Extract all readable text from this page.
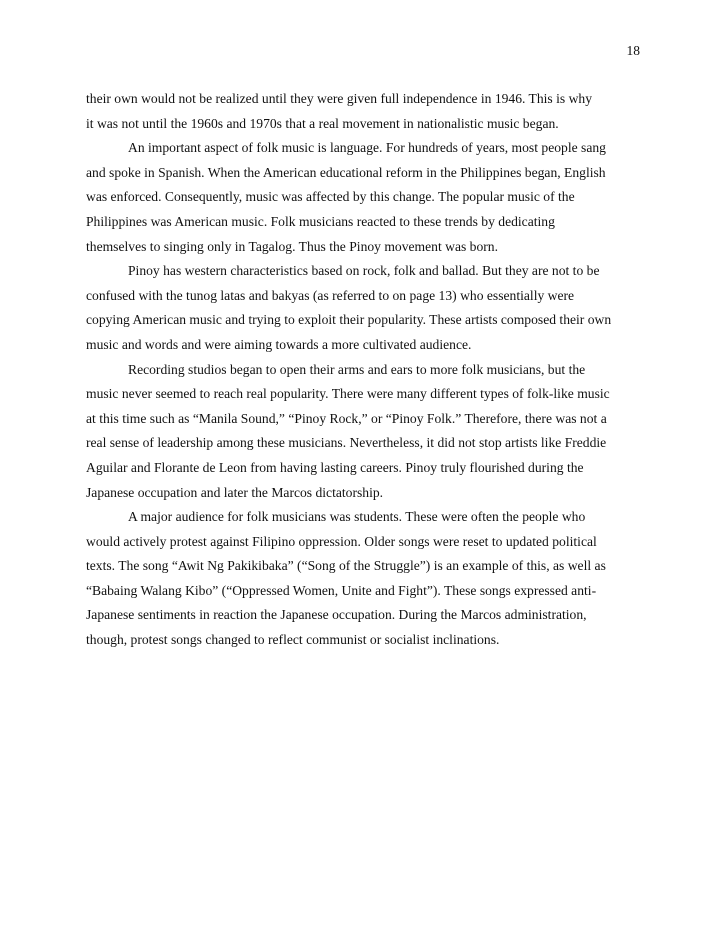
18
their own would not be realized until they were given full independence in 1946. This is why
it was not until the 1960s and 1970s that a real movement in nationalistic music began.
An important aspect of folk music is language. For hundreds of years, most people sang
and spoke in Spanish. When the American educational reform in the Philippines began, English
was enforced. Consequently, music was affected by this change. The popular music of the
Philippines was American music. Folk musicians reacted to these trends by dedicating
themselves to singing only in Tagalog. Thus the Pinoy movement was born.
Pinoy has western characteristics based on rock, folk and ballad. But they are not to be
confused with the tunog latas and bakyas (as referred to on page 13) who essentially were
copying American music and trying to exploit their popularity. These artists composed their own
music and words and were aiming towards a more cultivated audience.
Recording studios began to open their arms and ears to more folk musicians, but the
music never seemed to reach real popularity. There were many different types of folk-like music
at this time such as “Manila Sound,” “Pinoy Rock,” or “Pinoy Folk.” Therefore, there was not a
real sense of leadership among these musicians. Nevertheless, it did not stop artists like Freddie
Aguilar and Florante de Leon from having lasting careers. Pinoy truly flourished during the
Japanese occupation and later the Marcos dictatorship.
A major audience for folk musicians was students. These were often the people who
would actively protest against Filipino oppression. Older songs were reset to updated political
texts. The song “Awit Ng Pakikibaka” (“Song of the Struggle”) is an example of this, as well as
“Babaing Walang Kibo” (“Oppressed Women, Unite and Fight”). These songs expressed anti-
Japanese sentiments in reaction the Japanese occupation. During the Marcos administration,
though, protest songs changed to reflect communist or socialist inclinations.
